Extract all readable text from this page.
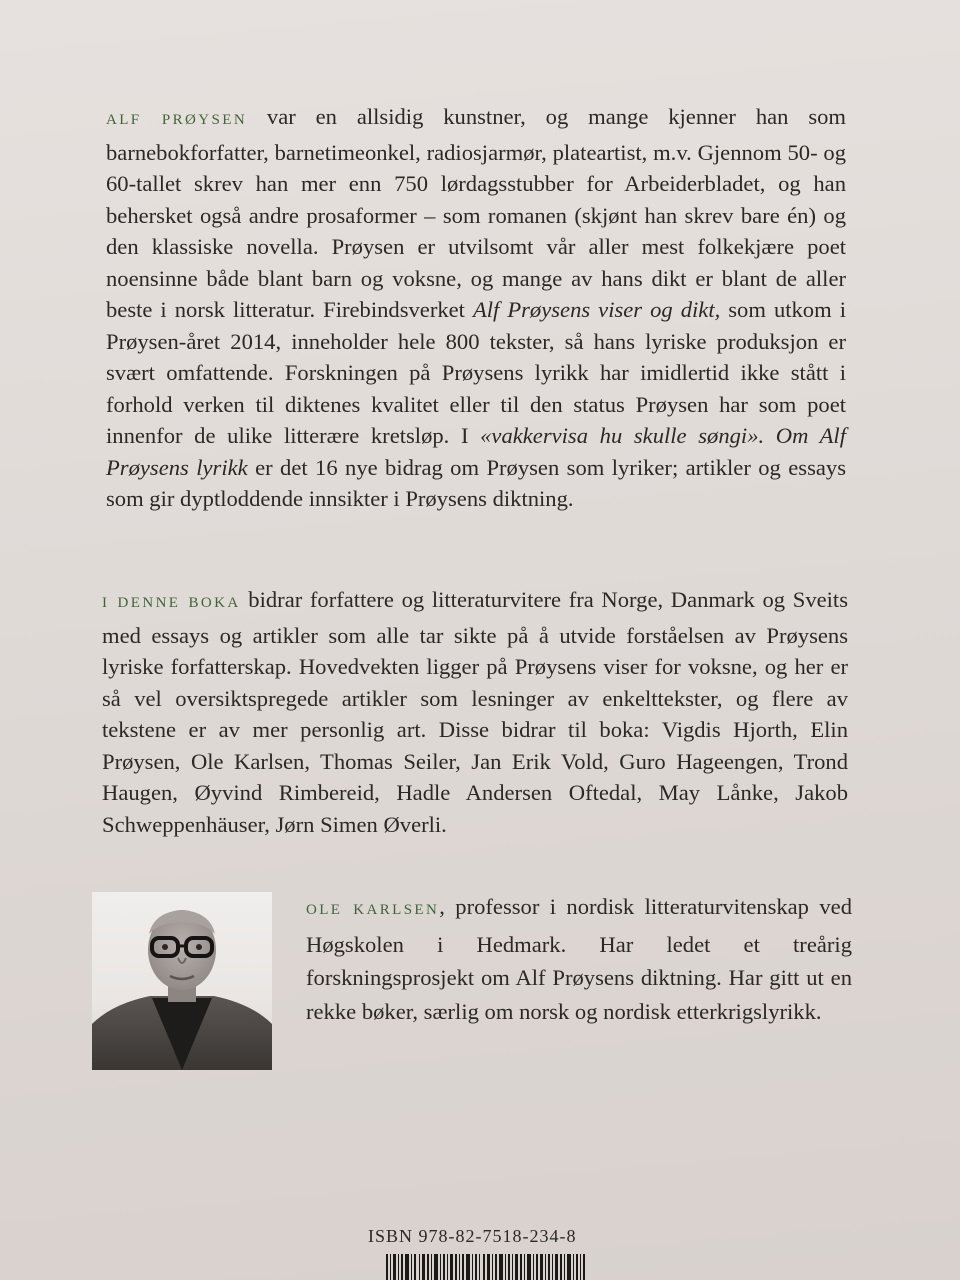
ALF PRØYSEN var en allsidig kunstner, og mange kjenner han som barnebokforfatter, barnetimeonkel, radiosjarmør, plateartist, m.v. Gjennom 50- og 60-tallet skrev han mer enn 750 lørdagsstubber for Arbeiderbladet, og han behersket også andre prosaformer – som romanen (skjønt han skrev bare én) og den klassiske novella. Prøysen er utvilsomt vår aller mest folkekjære poet noensinne både blant barn og voksne, og mange av hans dikt er blant de aller beste i norsk litteratur. Firebindsverket Alf Prøysens viser og dikt, som utkom i Prøysen-året 2014, inneholder hele 800 tekster, så hans lyriske produksjon er svært omfattende. Forskningen på Prøysens lyrikk har imidlertid ikke stått i forhold verken til diktenes kvalitet eller til den status Prøysen har som poet innenfor de ulike litterære kretsløp. I «vakkervisa hu skulle søngi». Om Alf Prøysens lyrikk er det 16 nye bidrag om Prøysen som lyriker; artikler og essays som gir dyptloddende innsikter i Prøysens diktning.

I DENNE BOKA bidrar forfattere og litteraturvitere fra Norge, Danmark og Sveits med essays og artikler som alle tar sikte på å utvide forståelsen av Prøysens lyriske forfatterskap. Hovedvekten ligger på Prøysens viser for voksne, og her er så vel oversiktspregede artikler som lesninger av enkelttekster, og flere av tekstene er av mer personlig art. Disse bidrar til boka: Vigdis Hjorth, Elin Prøysen, Ole Karlsen, Thomas Seiler, Jan Erik Vold, Guro Hageengen, Trond Haugen, Øyvind Rimbereid, Hadle Andersen Oftedal, May Lånke, Jakob Schweppenhäuser, Jørn Simen Øverli.

OLE KARLSEN, professor i nordisk litteraturvitenskap ved Høgskolen i Hedmark. Har ledet et treårig forskningsprosjekt om Alf Prøysens diktning. Har gitt ut en rekke bøker, særlig om norsk og nordisk etterkrigslyrikk.

ISBN 978-82-7518-234-8
